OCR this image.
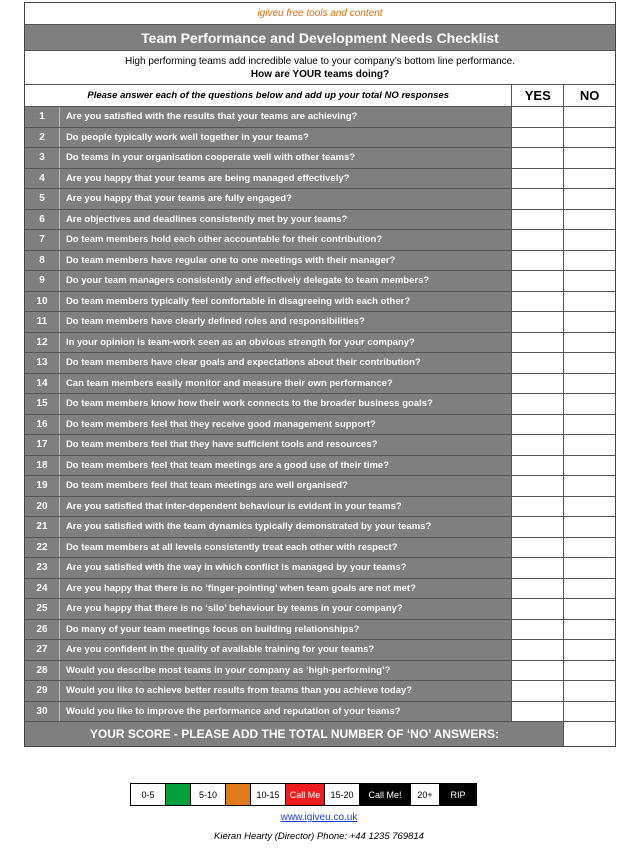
igiveu free tools and content
Team Performance and Development Needs Checklist
High performing teams add incredible value to your company’s bottom line performance.
How are YOUR teams doing?
Please answer each of the questions below and add up your total NO responses	YES	NO
1	Are you satisfied with the results that your teams are achieving?
2	Do people typically work well together in your teams?
3	Do teams in your organisation cooperate well with other teams?
4	Are you happy that your teams are being managed effectively?
5	Are you happy that your teams are fully engaged?
6	Are objectives and deadlines consistently met by your teams?
7	Do team members hold each other accountable for their contribution?
8	Do team members have regular one to one meetings with their manager?
9	Do your team managers consistently and effectively delegate to team members?
10	Do team members typically feel comfortable in disagreeing with each other?
11	Do team members have clearly defined roles and responsibilities?
12	In your opinion is team-work seen as an obvious strength for your company?
13	Do team members have clear goals and expectations about their contribution?
14	Can team members easily monitor and measure their own performance?
15	Do team members know how their work connects to the broader business goals?
16	Do team members feel that they receive good management support?
17	Do team members feel that they have sufficient tools and resources?
18	Do team members feel that team meetings are a good use of their time?
19	Do team members feel that team meetings are well organised?
20	Are you satisfied that inter-dependent behaviour is evident in your teams?
21	Are you satisfied with the team dynamics typically demonstrated by your teams?
22	Do team members at all levels consistently treat each other with respect?
23	Are you satisfied with the way in which conflict is managed by your teams?
24	Are you happy that there is no ‘finger-pointing’ when team goals are not met?
25	Are you happy that there is no ‘silo’ behaviour by teams in your company?
26	Do many of your team meetings focus on building relationships?
27	Are you confident in the quality of available training for your teams?
28	Would you describe most teams in your company as ‘high-performing’?
29	Would you like to achieve better results from teams than you achieve today?
30	Would you like to improve the performance and reputation of your teams?
YOUR SCORE - PLEASE ADD THE TOTAL NUMBER OF ‘NO’ ANSWERS:
0-5	5-10	10-15	Call Me	15-20	Call Me!	20+	RIP
www.igiveu.co.uk
Kieran Hearty (Director) Phone: +44 1235 769814
